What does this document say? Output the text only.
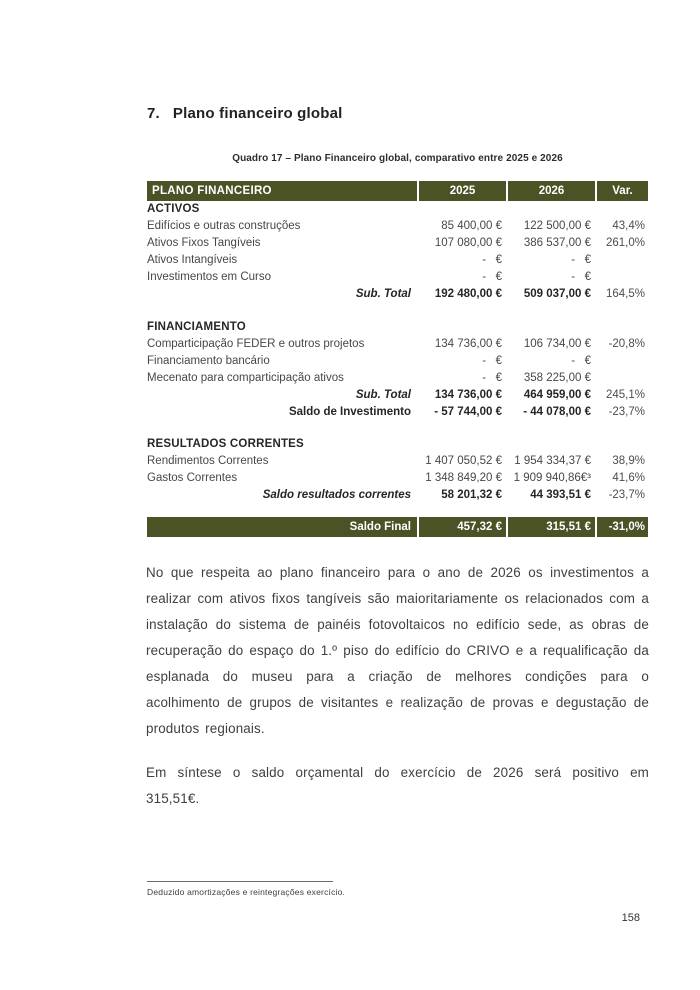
7. Plano financeiro global
Quadro 17 – Plano Financeiro global, comparativo entre 2025 e 2026
PLANO FINANCEIRO	2025	2026	Var.
ACTIVOS
Edifícios e outras construções	85 400,00 €	122 500,00 €	43,4%
Ativos Fixos Tangíveis	107 080,00 €	386 537,00 €	261,0%
Ativos Intangíveis	-   €	-   €
Investimentos em Curso	-   €	-   €
Sub. Total	192 480,00 €	509 037,00 €	164,5%
FINANCIAMENTO
Comparticipação FEDER e outros projetos	134 736,00 €	106 734,00 €	-20,8%
Financiamento bancário	-   €	-   €
Mecenato para comparticipação ativos	-   €	358 225,00 €
Sub. Total	134 736,00 €	464 959,00 €	245,1%
Saldo de Investimento	- 57 744,00 €	- 44 078,00 €	-23,7%
RESULTADOS CORRENTES
Rendimentos Correntes	1 407 050,52 €	1 954 334,37 €	38,9%
Gastos Correntes	1 348 849,20 €	1 909 940,86€³	41,6%
Saldo resultados correntes	58 201,32 €	44 393,51 €	-23,7%
Saldo Final	457,32 €	315,51 €	-31,0%

No que respeita ao plano financeiro para o ano de 2026 os investimentos a realizar com ativos fixos tangíveis são maioritariamente os relacionados com a instalação do sistema de painéis fotovoltaicos no edifício sede, as obras de recuperação do espaço do 1.º piso do edifício do CRIVO e a requalificação da esplanada do museu para a criação de melhores condições para o acolhimento de grupos de visitantes e realização de provas e degustação de produtos regionais.

Em síntese o saldo orçamental do exercício de 2026 será positivo em 315,51€.

Deduzido amortizações e reintegrações exercício.
158
